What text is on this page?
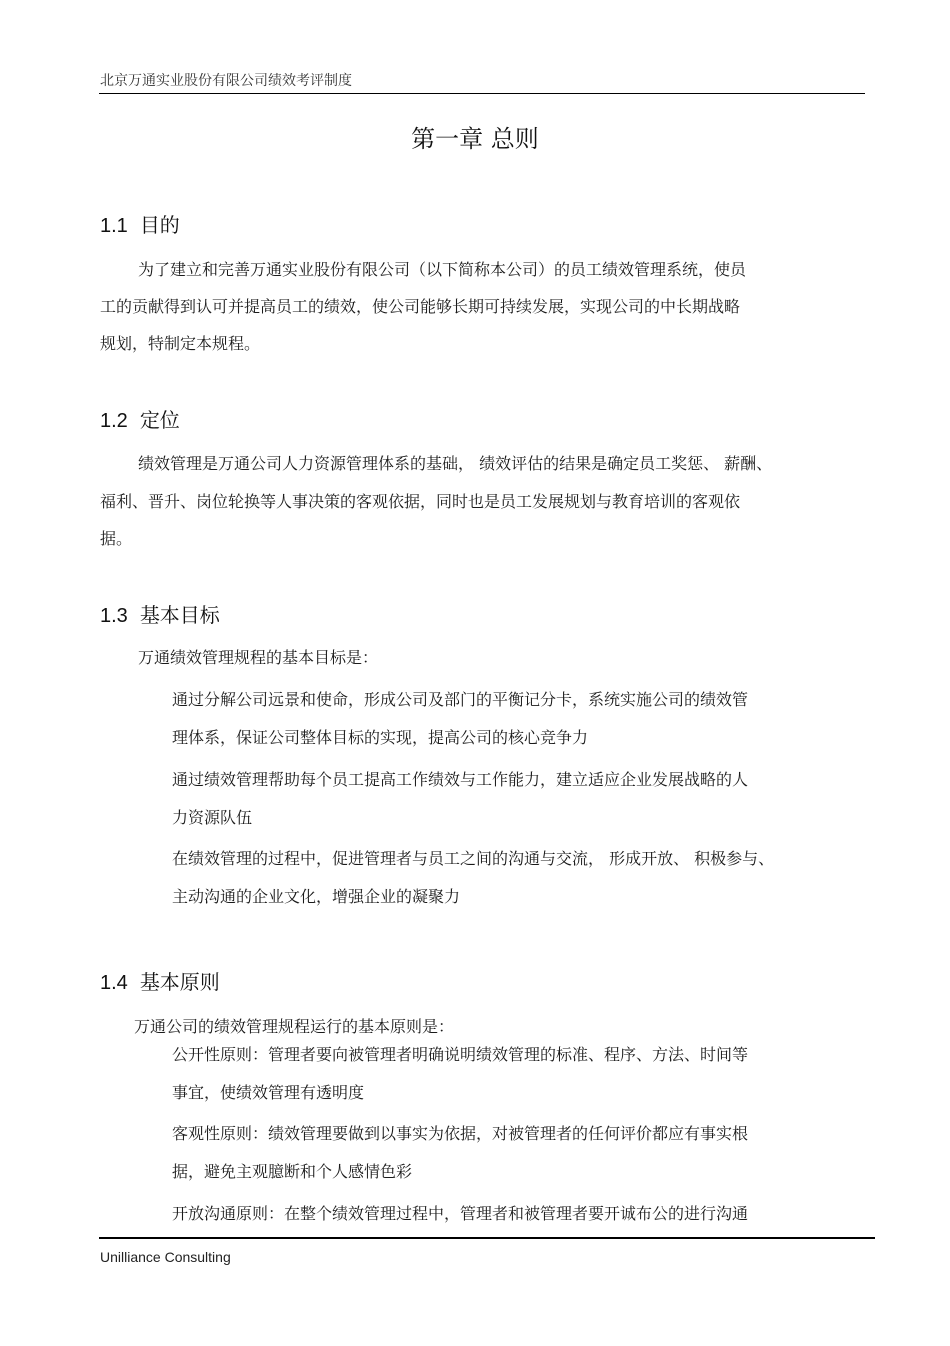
北京万通实业股份有限公司绩效考评制度
第一章 总则
1.1 目的
为了建立和完善万通实业股份有限公司（以下简称本公司）的员工绩效管理系统，使员
工的贡献得到认可并提高员工的绩效，使公司能够长期可持续发展，实现公司的中长期战略
规划，特制定本规程。
1.2 定位
绩效管理是万通公司人力资源管理体系的基础， 绩效评估的结果是确定员工奖惩、 薪酬、
福利、晋升、岗位轮换等人事决策的客观依据，同时也是员工发展规划与教育培训的客观依
据。
1.3 基本目标
万通绩效管理规程的基本目标是：
通过分解公司远景和使命，形成公司及部门的平衡记分卡，系统实施公司的绩效管
理体系，保证公司整体目标的实现，提高公司的核心竞争力
通过绩效管理帮助每个员工提高工作绩效与工作能力，建立适应企业发展战略的人
力资源队伍
在绩效管理的过程中，促进管理者与员工之间的沟通与交流， 形成开放、 积极参与、
主动沟通的企业文化，增强企业的凝聚力
1.4 基本原则
万通公司的绩效管理规程运行的基本原则是：
公开性原则：管理者要向被管理者明确说明绩效管理的标准、程序、方法、时间等
事宜，使绩效管理有透明度
客观性原则：绩效管理要做到以事实为依据，对被管理者的任何评价都应有事实根
据，避免主观臆断和个人感情色彩
开放沟通原则：在整个绩效管理过程中，管理者和被管理者要开诚布公的进行沟通
Unilliance Consulting
